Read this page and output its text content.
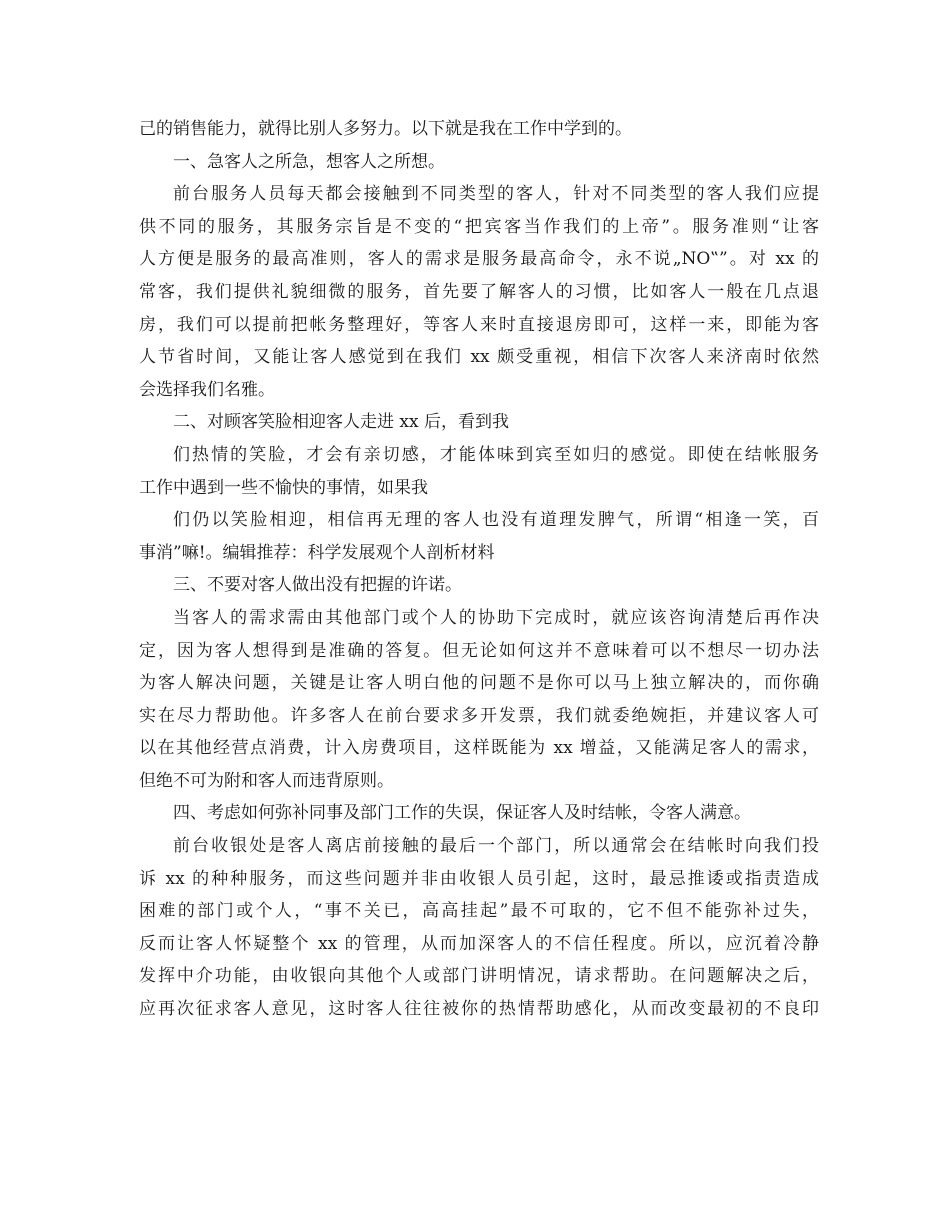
己的销售能力，就得比别人多努力。以下就是我在工作中学到的。
一、急客人之所急，想客人之所想。
前台服务人员每天都会接触到不同类型的客人，针对不同类型的客人我们应提
供不同的服务，其服务宗旨是不变的“把宾客当作我们的上帝”。服务准则“让客
人方便是服务的最高准则，客人的需求是服务最高命令，永不说„NO‟”。对 xx 的
常客，我们提供礼貌细微的服务，首先要了解客人的习惯，比如客人一般在几点退
房，我们可以提前把帐务整理好，等客人来时直接退房即可，这样一来，即能为客
人节省时间，又能让客人感觉到在我们 xx 颇受重视，相信下次客人来济南时依然
会选择我们名雅。
二、对顾客笑脸相迎客人走进 xx 后，看到我
们热情的笑脸，才会有亲切感，才能体味到宾至如归的感觉。即使在结帐服务
工作中遇到一些不愉快的事情，如果我
们仍以笑脸相迎，相信再无理的客人也没有道理发脾气，所谓“相逢一笑，百
事消”嘛!。编辑推荐：科学发展观个人剖析材料
三、不要对客人做出没有把握的许诺。
当客人的需求需由其他部门或个人的协助下完成时，就应该咨询清楚后再作决
定，因为客人想得到是准确的答复。但无论如何这并不意味着可以不想尽一切办法
为客人解决问题，关键是让客人明白他的问题不是你可以马上独立解决的，而你确
实在尽力帮助他。许多客人在前台要求多开发票，我们就委绝婉拒，并建议客人可
以在其他经营点消费，计入房费项目，这样既能为 xx 增益，又能满足客人的需求，
但绝不可为附和客人而违背原则。
四、考虑如何弥补同事及部门工作的失误，保证客人及时结帐，令客人满意。
前台收银处是客人离店前接触的最后一个部门，所以通常会在结帐时向我们投
诉 xx 的种种服务，而这些问题并非由收银人员引起，这时，最忌推诿或指责造成
困难的部门或个人，“事不关已，高高挂起”最不可取的，它不但不能弥补过失，
反而让客人怀疑整个 xx 的管理，从而加深客人的不信任程度。所以，应沉着冷静
发挥中介功能，由收银向其他个人或部门讲明情况，请求帮助。在问题解决之后，
应再次征求客人意见，这时客人往往被你的热情帮助感化，从而改变最初的不良印
